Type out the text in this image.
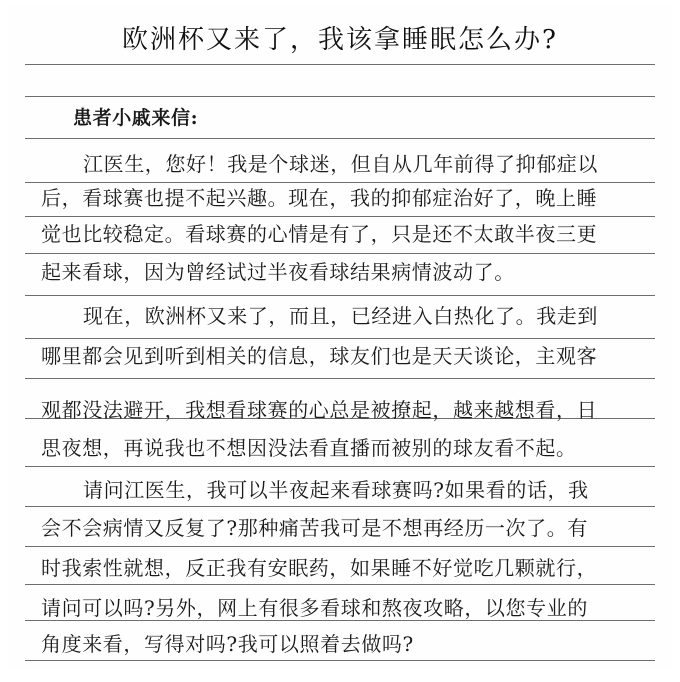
欧洲杯又来了，我该拿睡眠怎么办?
患者小戚来信:
江医生，您好！我是个球迷，但自从几年前得了抑郁症以
后，看球赛也提不起兴趣。现在，我的抑郁症治好了，晚上睡
觉也比较稳定。看球赛的心情是有了，只是还不太敢半夜三更
起来看球，因为曾经试过半夜看球结果病情波动了。
现在，欧洲杯又来了，而且，已经进入白热化了。我走到
哪里都会见到听到相关的信息，球友们也是天天谈论，主观客
观都没法避开，我想看球赛的心总是被撩起，越来越想看，日
思夜想，再说我也不想因没法看直播而被别的球友看不起。
请问江医生，我可以半夜起来看球赛吗?如果看的话，我
会不会病情又反复了?那种痛苦我可是不想再经历一次了。有
时我索性就想，反正我有安眠药，如果睡不好觉吃几颗就行，
请问可以吗?另外，网上有很多看球和熬夜攻略，以您专业的
角度来看，写得对吗?我可以照着去做吗?
